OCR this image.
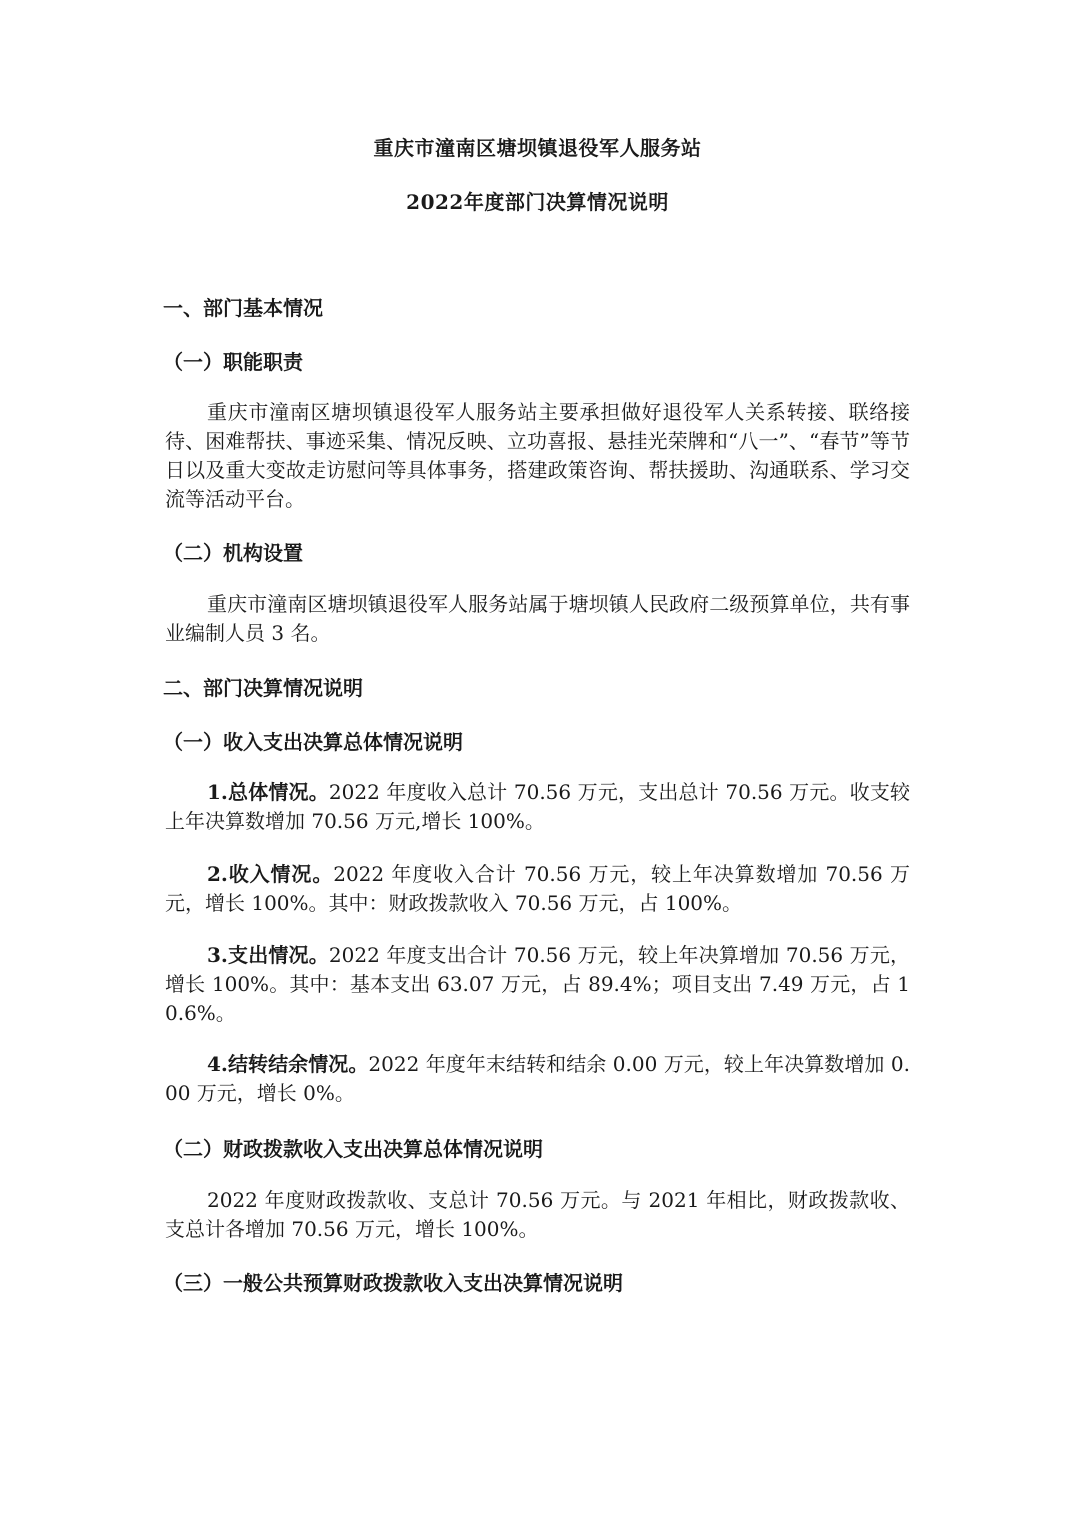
重庆市潼南区塘坝镇退役军人服务站
2022年度部门决算情况说明
一、部门基本情况
（一）职能职责
重庆市潼南区塘坝镇退役军人服务站主要承担做好退役军人关系转接、联络接待、困难帮扶、事迹采集、情况反映、立功喜报、悬挂光荣牌和“八一”、“春节”等节日以及重大变故走访慰问等具体事务，搭建政策咨询、帮扶援助、沟通联系、学习交流等活动平台。
（二）机构设置
重庆市潼南区塘坝镇退役军人服务站属于塘坝镇人民政府二级预算单位，共有事业编制人员 3 名。
二、部门决算情况说明
（一）收入支出决算总体情况说明
1.总体情况。2022 年度收入总计 70.56 万元，支出总计 70.56 万元。收支较上年决算数增加 70.56 万元,增长 100%。
2.收入情况。2022 年度收入合计 70.56 万元，较上年决算数增加 70.56 万元，增长 100%。其中：财政拨款收入 70.56 万元，占 100%。
3.支出情况。2022 年度支出合计 70.56 万元，较上年决算增加 70.56 万元，增长 100%。其中：基本支出 63.07 万元，占 89.4%；项目支出 7.49 万元，占 10.6%。
4.结转结余情况。2022 年度年末结转和结余 0.00 万元，较上年决算数增加 0.00 万元，增长 0%。
（二）财政拨款收入支出决算总体情况说明
2022 年度财政拨款收、支总计 70.56 万元。与 2021 年相比，财政拨款收、支总计各增加 70.56 万元，增长 100%。
（三）一般公共预算财政拨款收入支出决算情况说明
